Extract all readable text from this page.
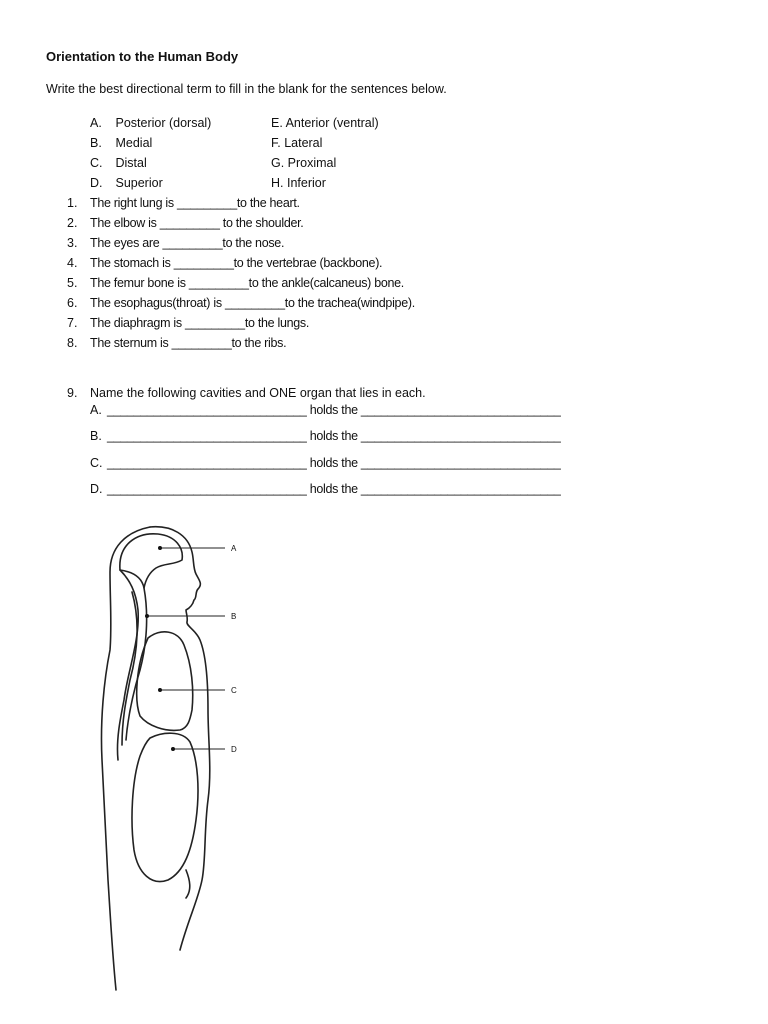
Orientation to the Human Body
Write the best directional term to fill in the blank for the sentences below.
A. Posterior (dorsal)
B. Medial
C. Distal
D. Superior
E. Anterior (ventral)
F. Lateral
G. Proximal
H. Inferior
1. The right lung is _________to the heart.
2. The elbow is _________ to the shoulder.
3. The eyes are _________to the nose.
4. The stomach is _________to the vertebrae (backbone).
5. The femur bone is _________to the ankle(calcaneus) bone.
6. The esophagus(throat) is _________to the trachea(windpipe).
7. The diaphragm is _________to the lungs.
8. The sternum is _________to the ribs.
9. Name the following cavities and ONE organ that lies in each.
A. ______________________________ holds the ______________________________
B. ______________________________ holds the ______________________________
C. ______________________________ holds the ______________________________
D. ______________________________ holds the ______________________________
A
B
C
D
